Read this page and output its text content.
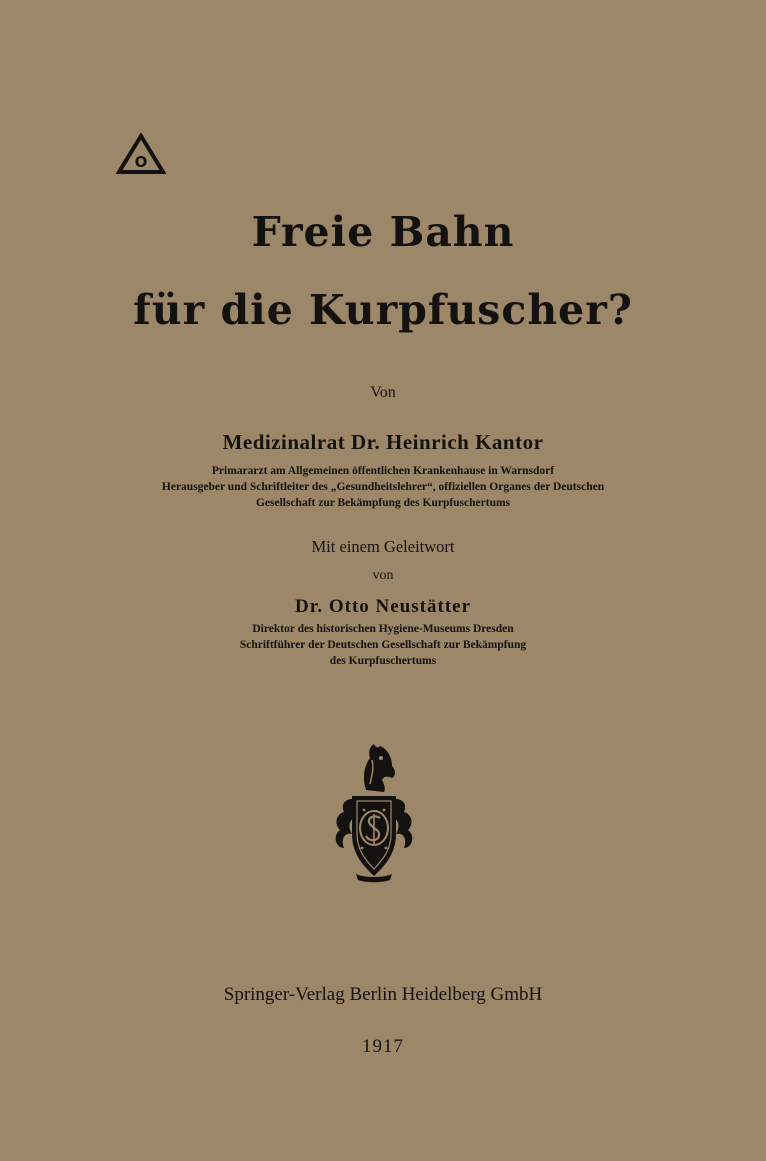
O
Freie Bahn
für die Kurpfuscher?
Von
Medizinalrat Dr. Heinrich Kantor
Primararzt am Allgemeinen öffentlichen Krankenhause in Warnsdorf
Herausgeber und Schriftleiter des „Gesundheitslehrer“, offiziellen Organes der Deutschen
Gesellschaft zur Bekämpfung des Kurpfuschertums
Mit einem Geleitwort
von
Dr. Otto Neustätter
Direktor des historischen Hygiene-Museums Dresden
Schriftführer der Deutschen Gesellschaft zur Bekämpfung
des Kurpfuschertums
Springer-Verlag Berlin Heidelberg GmbH
1917
